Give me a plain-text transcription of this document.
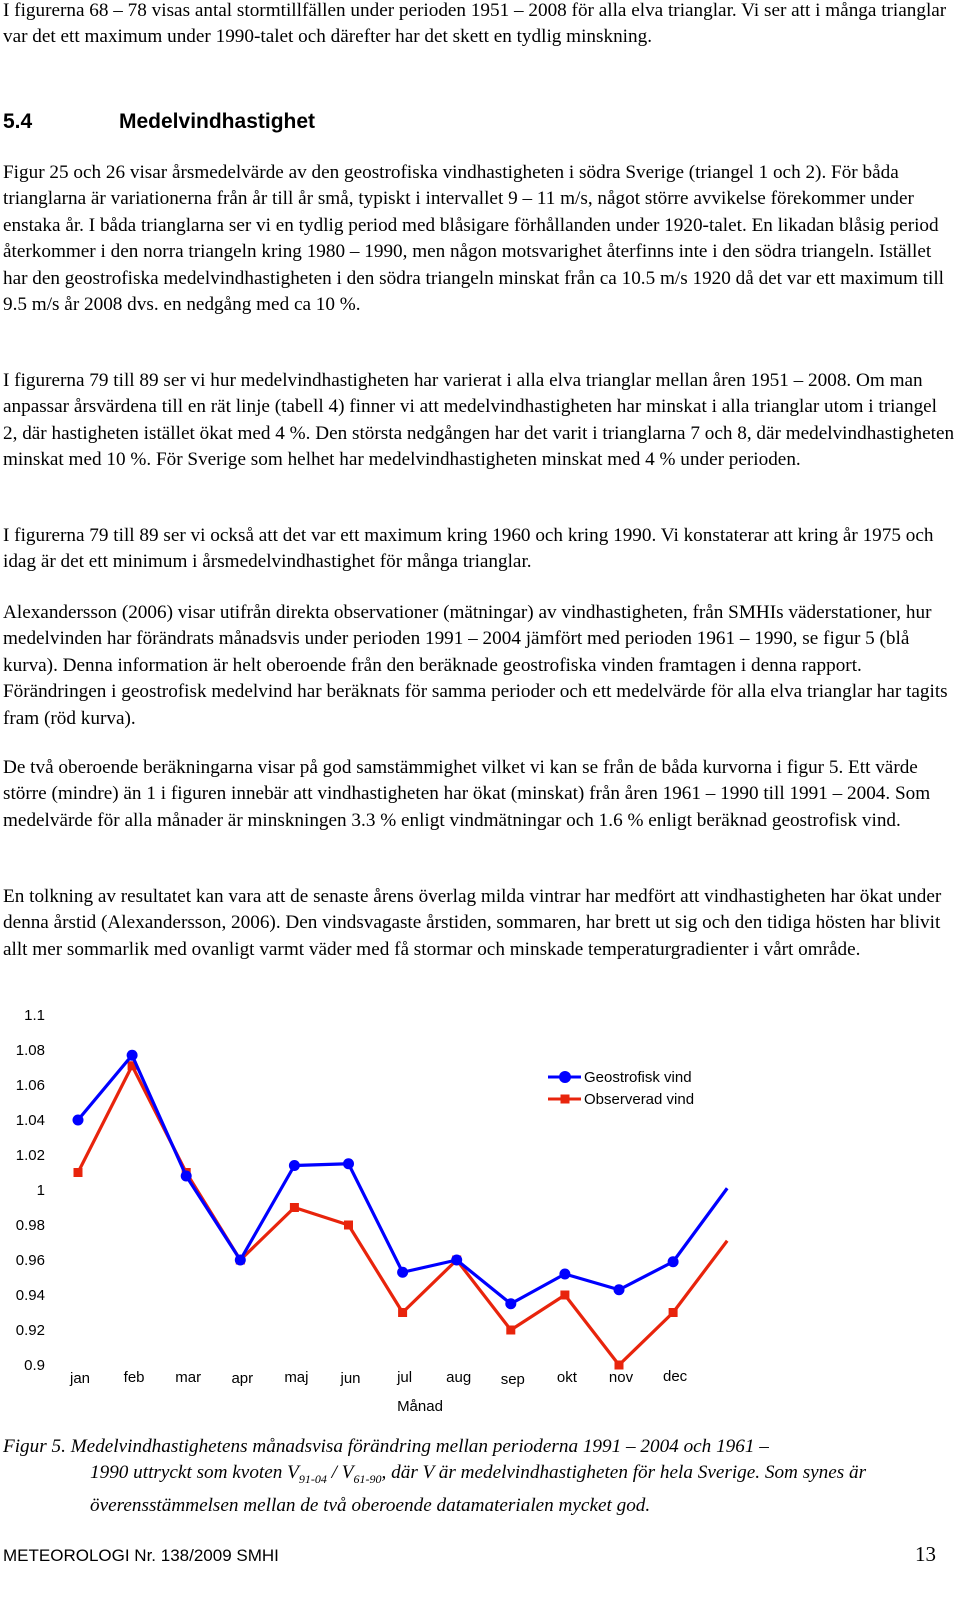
I figurerna 68 – 78 visas antal stormtillfällen under perioden 1951 – 2008 för alla elva trianglar. Vi ser att i många trianglar var det ett maximum under 1990-talet och därefter har det skett en tydlig minskning.

5.4	Medelvindhastighet

Figur 25 och 26 visar årsmedelvärde av den geostrofiska vindhastigheten i södra Sverige (triangel 1 och 2). För båda trianglarna är variationerna från år till år små, typiskt i intervallet 9 – 11 m/s, något större avvikelse förekommer under enstaka år. I båda trianglarna ser vi en tydlig period med blåsigare förhållanden under 1920-talet. En likadan blåsig period återkommer i den norra triangeln kring 1980 – 1990, men någon motsvarighet återfinns inte i den södra triangeln. Istället har den geostrofiska medelvindhastigheten i den södra triangeln minskat från ca 10.5 m/s 1920 då det var ett maximum till 9.5 m/s år 2008 dvs. en nedgång med ca 10 %.

I figurerna 79 till 89 ser vi hur medelvindhastigheten har varierat i alla elva trianglar mellan åren 1951 – 2008. Om man anpassar årsvärdena till en rät linje (tabell 4) finner vi att medelvindhastigheten har minskat i alla trianglar utom i triangel 2, där hastigheten istället ökat med 4 %. Den största nedgången har det varit i trianglarna 7 och 8, där medelvindhastigheten minskat med 10 %. För Sverige som helhet har medelvindhastigheten minskat med 4 % under perioden.

I figurerna 79 till 89 ser vi också att det var ett maximum kring 1960 och kring 1990. Vi konstaterar att kring år 1975 och idag är det ett minimum i årsmedelvindhastighet för många trianglar.

Alexandersson (2006) visar utifrån direkta observationer (mätningar) av vindhastigheten, från SMHIs väderstationer, hur medelvinden har förändrats månadsvis under perioden 1991 – 2004 jämfört med perioden 1961 – 1990, se figur 5 (blå kurva). Denna information är helt oberoende från den beräknade geostrofiska vinden framtagen i denna rapport. Förändringen i geostrofisk medelvind har beräknats för samma perioder och ett medelvärde för alla elva trianglar har tagits fram (röd kurva).

De två oberoende beräkningarna visar på god samstämmighet vilket vi kan se från de båda kurvorna i figur 5. Ett värde större (mindre) än 1 i figuren innebär att vindhastigheten har ökat (minskat) från åren 1961 – 1990 till 1991 – 2004. Som medelvärde för alla månader är minskningen 3.3 % enligt vindmätningar och 1.6 % enligt beräknad geostrofisk vind.

En tolkning av resultatet kan vara att de senaste årens överlag milda vintrar har medfört att vindhastigheten har ökat under denna årstid (Alexandersson, 2006). Den vindsvagaste årstiden, sommaren, har brett ut sig och den tidiga hösten har blivit allt mer sommarlik med ovanligt varmt väder med få stormar och minskade temperaturgradienter i vårt område.

0.9
0.92
0.94
0.96
0.98
1
1.02
1.04
1.06
1.08
1.1
jan feb mar apr maj jun jul aug sep okt nov dec
Månad
Geostrofisk vind
Observerad vind
Figur 5. Medelvindhastighetens månadsvisa förändring mellan perioderna 1991 – 2004 och 1961 –
1990 uttryckt som kvoten $V_{91-04} / V_{61-90}$, där V är medelvindhastigheten för hela Sverige. Som synes är överensstämmelsen mellan de två oberoende datamaterialen mycket god.
METEOROLOGI Nr. 138/2009 SMHI	13
